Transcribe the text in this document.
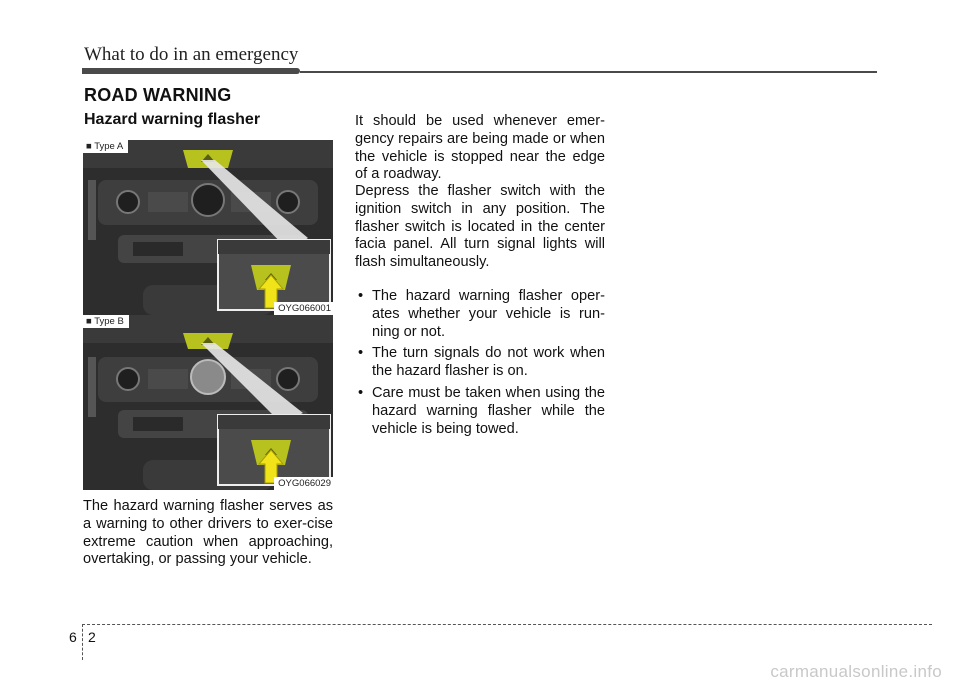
What to do in an emergency
ROAD WARNING
Hazard warning flasher
■ Type A
OYG066001
■ Type B
OYG066029

The hazard warning flasher serves as a warning to other drivers to exer-cise extreme caution when approaching, overtaking, or passing your vehicle.

It should be used whenever emer-gency repairs are being made or when the vehicle is stopped near the edge of a roadway.

Depress the flasher switch with the ignition switch in any position. The flasher switch is located in the center facia panel. All turn signal lights will flash simultaneously.

• The hazard warning flasher oper-ates whether your vehicle is run-ning or not.
• The turn signals do not work when the hazard flasher is on.
• Care must be taken when using the hazard warning flasher while the vehicle is being towed.
6 2
carmanualsonline.info
